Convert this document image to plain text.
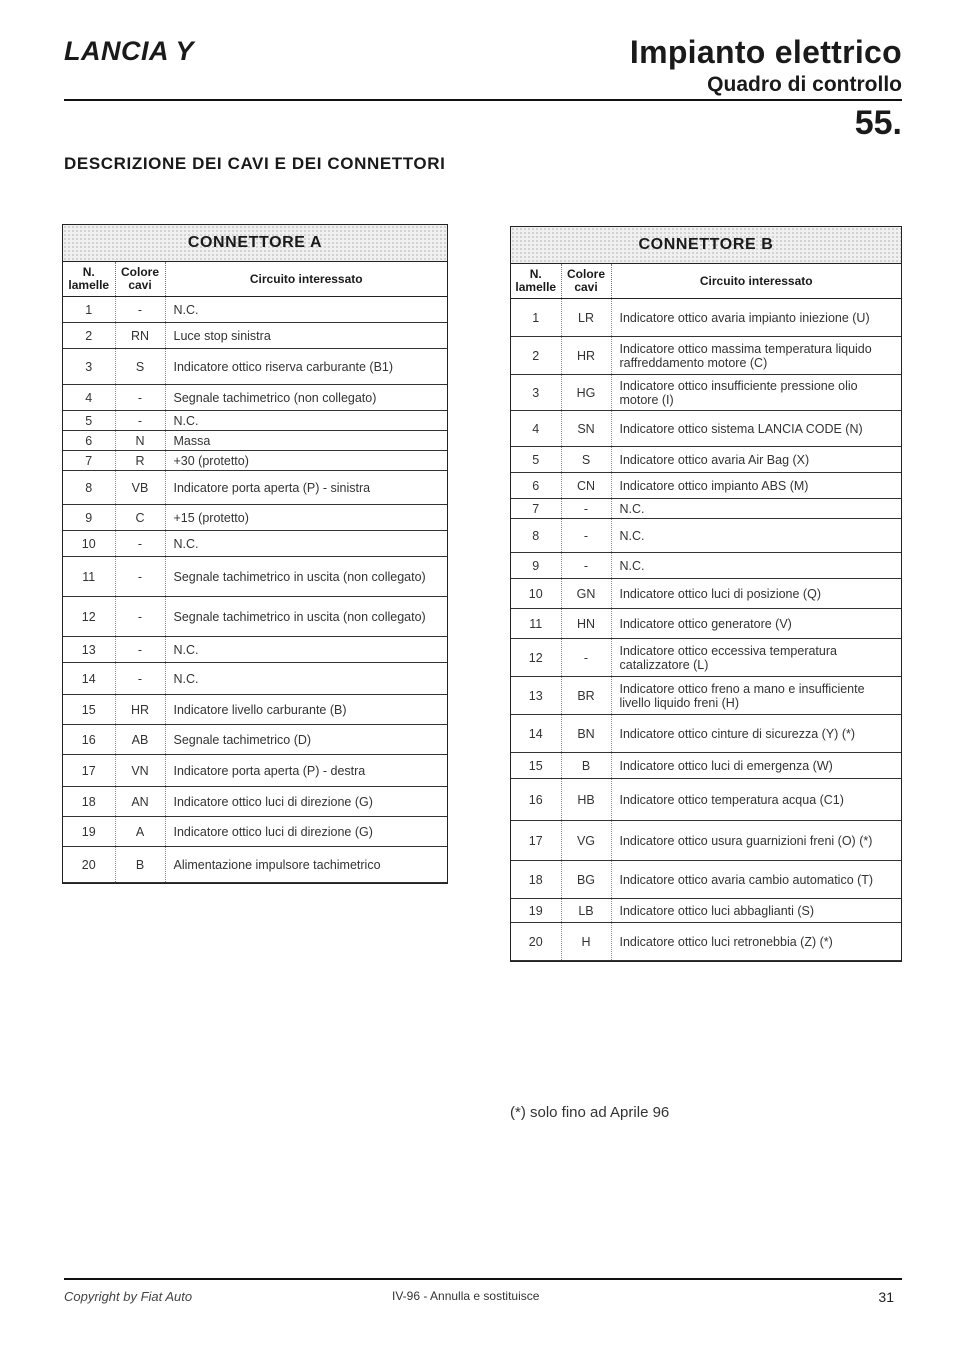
LANCIA Y	Impianto elettrico
Quadro di controllo
55.
DESCRIZIONE DEI CAVI E DEI CONNETTORI
CONNETTORE A
N. lamelle	Colore cavi	Circuito interessato
1	-	N.C.
2	RN	Luce stop sinistra
3	S	Indicatore ottico riserva carburante (B1)
4	-	Segnale tachimetrico (non collegato)
5	-	N.C.
6	N	Massa
7	R	+30 (protetto)
8	VB	Indicatore porta aperta (P) - sinistra
9	C	+15 (protetto)
10	-	N.C.
11	-	Segnale tachimetrico in uscita (non collegato)
12	-	Segnale tachimetrico in uscita (non collegato)
13	-	N.C.
14	-	N.C.
15	HR	Indicatore livello carburante (B)
16	AB	Segnale tachimetrico (D)
17	VN	Indicatore porta aperta (P) - destra
18	AN	Indicatore ottico luci di direzione (G)
19	A	Indicatore ottico luci di direzione (G)
20	B	Alimentazione impulsore tachimetrico
CONNETTORE B
N. lamelle	Colore cavi	Circuito interessato
1	LR	Indicatore ottico avaria impianto iniezione (U)
2	HR	Indicatore ottico massima temperatura liquido raffreddamento motore (C)
3	HG	Indicatore ottico insufficiente pressione olio motore (I)
4	SN	Indicatore ottico sistema LANCIA CODE (N)
5	S	Indicatore ottico avaria Air Bag (X)
6	CN	Indicatore ottico impianto ABS (M)
7	-	N.C.
8	-	N.C.
9	-	N.C.
10	GN	Indicatore ottico luci di posizione (Q)
11	HN	Indicatore ottico generatore (V)
12	-	Indicatore ottico eccessiva temperatura catalizzatore (L)
13	BR	Indicatore ottico freno a mano e insufficiente livello liquido freni (H)
14	BN	Indicatore ottico cinture di sicurezza (Y) (*)
15	B	Indicatore ottico luci di emergenza (W)
16	HB	Indicatore ottico temperatura acqua (C1)
17	VG	Indicatore ottico usura guarnizioni freni (O) (*)
18	BG	Indicatore ottico avaria cambio automatico (T)
19	LB	Indicatore ottico luci abbaglianti (S)
20	H	Indicatore ottico luci retronebbia (Z) (*)
(*) solo fino ad Aprile 96
Copyright by Fiat Auto	IV-96 - Annulla e sostituisce	31
